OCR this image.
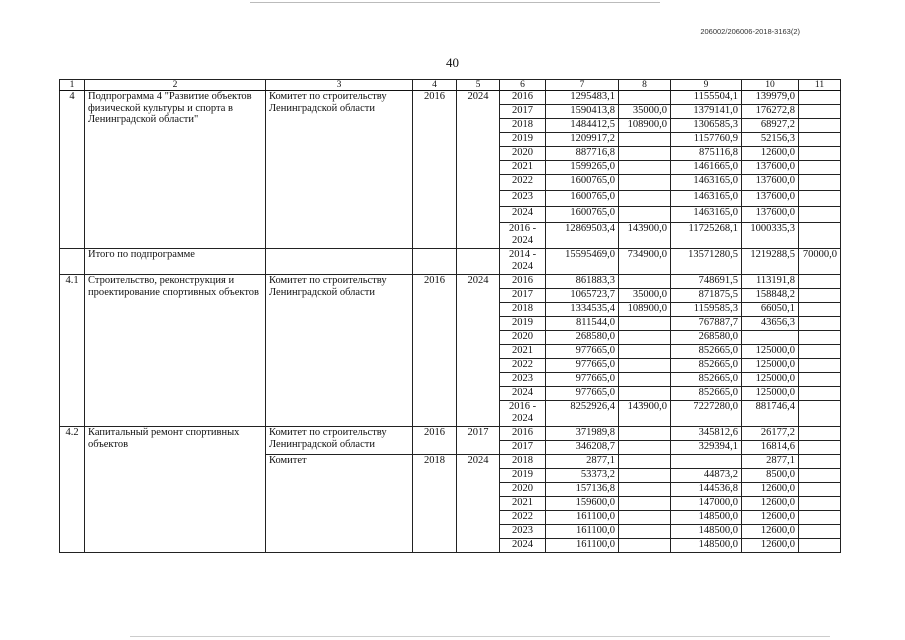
206002/206006-2018-3163(2)
40
1	2	3	4	5	6	7	8	9	10	11
4	Подпрограмма 4 "Развитие объектов физической культуры и спорта в Ленинградской области"	Комитет по строительству Ленинградской области	2016	2024	2016	1295483,1		1155504,1	139979,0	
					2017	1590413,8	35000,0	1379141,0	176272,8	
					2018	1484412,5	108900,0	1306585,3	68927,2	
					2019	1209917,2		1157760,9	52156,3	
					2020	887716,8		875116,8	12600,0	
					2021	1599265,0		1461665,0	137600,0	
					2022	1600765,0		1463165,0	137600,0	
					2023	1600765,0		1463165,0	137600,0	
					2024	1600765,0		1463165,0	137600,0	
					2016 - 2024	12869503,4	143900,0	11725268,1	1000335,3	
	Итого по подпрограмме				2014 - 2024	15595469,0	734900,0	13571280,5	1219288,5	70000,0
4.1	Строительство, реконструкция и проектирование спортивных объектов	Комитет по строительству Ленинградской области	2016	2024	2016	861883,3		748691,5	113191,8	
					2017	1065723,7	35000,0	871875,5	158848,2	
					2018	1334535,4	108900,0	1159585,3	66050,1	
					2019	811544,0		767887,7	43656,3	
					2020	268580,0		268580,0		
					2021	977665,0		852665,0	125000,0	
					2022	977665,0		852665,0	125000,0	
					2023	977665,0		852665,0	125000,0	
					2024	977665,0		852665,0	125000,0	
					2016 - 2024	8252926,4	143900,0	7227280,0	881746,4	
4.2	Капитальный ремонт спортивных объектов	Комитет по строительству Ленинградской области	2016	2017	2016	371989,8		345812,6	26177,2	
					2017	346208,7		329394,1	16814,6	
		Комитет	2018	2024	2018	2877,1			2877,1	
					2019	53373,2		44873,2	8500,0	
					2020	157136,8		144536,8	12600,0	
					2021	159600,0		147000,0	12600,0	
					2022	161100,0		148500,0	12600,0	
					2023	161100,0		148500,0	12600,0	
					2024	161100,0		148500,0	12600,0	
